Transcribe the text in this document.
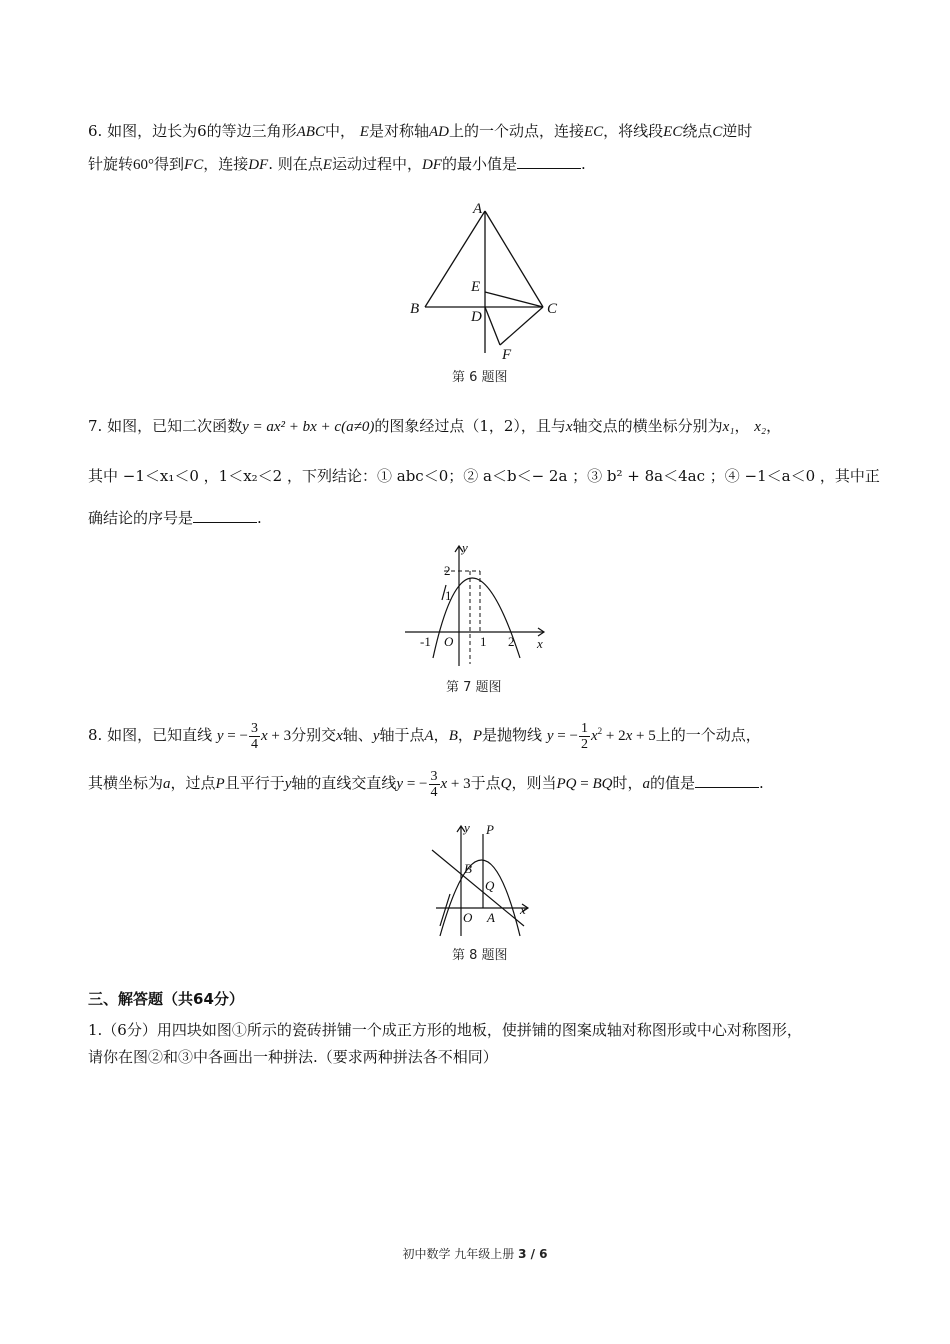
6. 如图，边长为6的等边三角形ABC中， E是对称轴AD上的一个动点，连接EC，将线段EC绕点C逆时
针旋转60°得到FC，连接DF. 则在点E运动过程中，DF的最小值是	.
A
B	C
D
E
F
第 6 题图
7. 如图，已知二次函数y = ax² + bx + c(a≠0)的图象经过点（1，2），且与x轴交点的横坐标分别为x₁， x₂，
其中 −1＜x₁＜0 ，1＜x₂＜2 ，下列结论：① abc＜0；② a＜b＜− 2a ；③ b² + 8a＜4ac ；④ −1＜a＜0 ，其中正
确结论的序号是	.
y
x
2
1
-1 O 1 2
第 7 题图
8. 如图，已知直线 y = − $\frac{3}{4}$ x + 3分别交x轴、y轴于点A，B，P是抛物线 y = − $\frac{1}{2} x^2 + 2x + 5$上的一个动点，
其横坐标为a，过点P且平行于y轴的直线交直线y = − $\frac{3}{4}$ x + 3于点Q，则当PQ = BQ时，a的值是	.
y P
B
Q
O A
x
第 8 题图
三、解答题（共64分）
1.（6分）用四块如图①所示的瓷砖拼铺一个成正方形的地板，使拼铺的图案成轴对称图形或中心对称图形，
请你在图②和③中各画出一种拼法.（要求两种拼法各不相同）
初中数学 九年级上册 3 / 6
